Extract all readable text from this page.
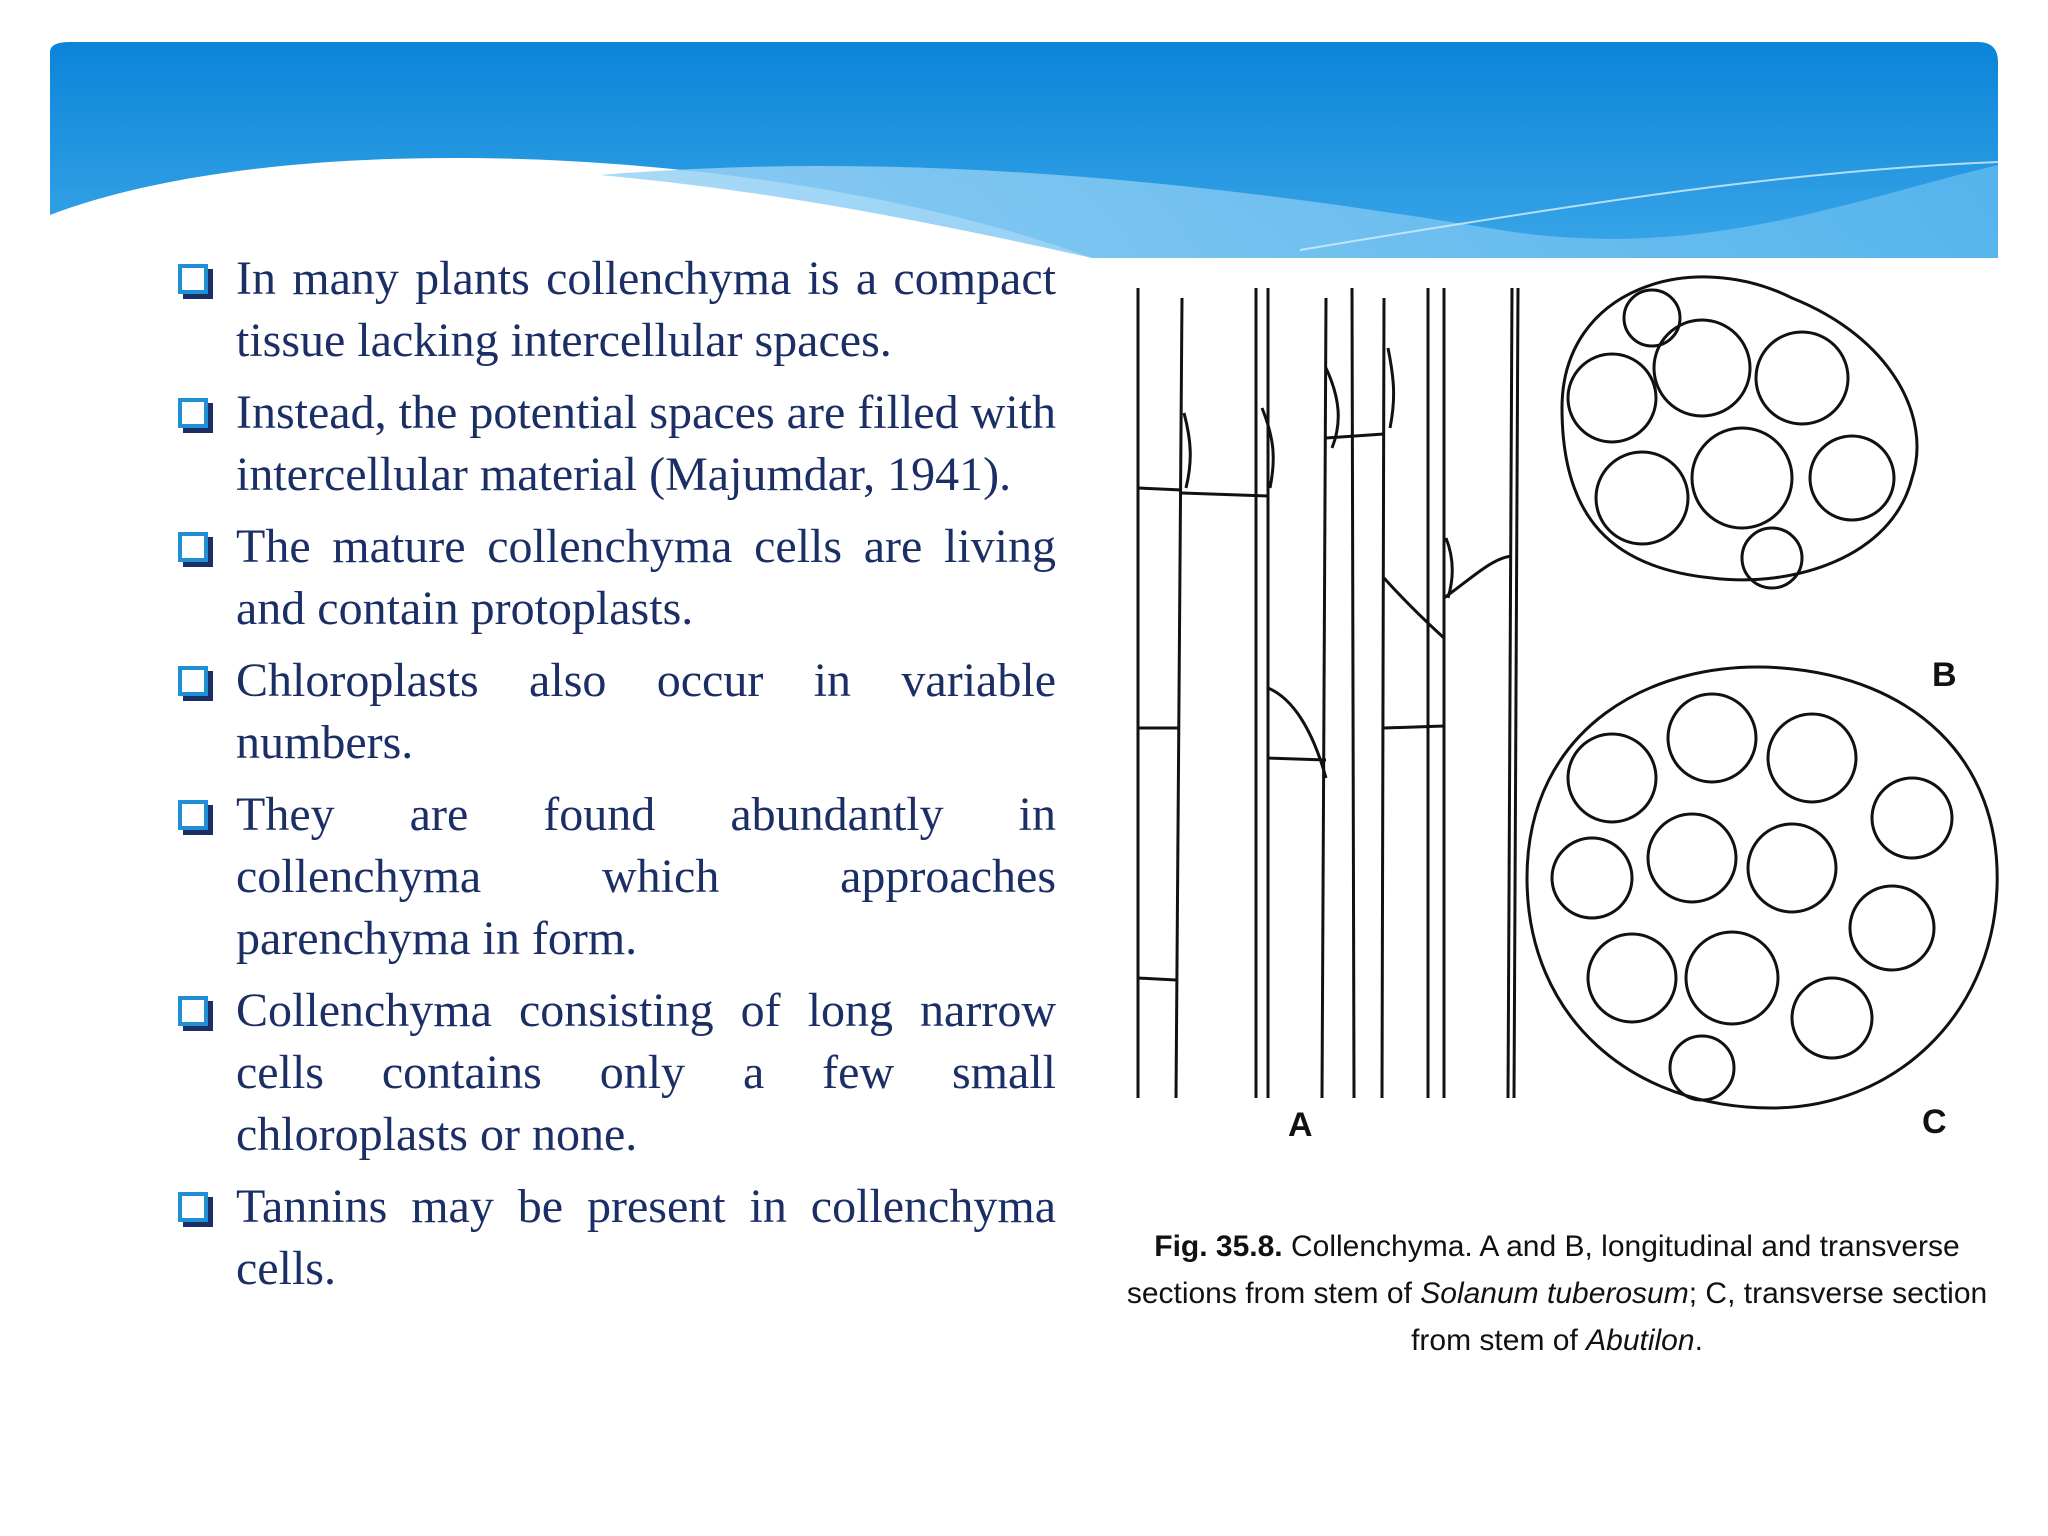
In many plants collenchyma is a compact tissue lacking intercellular spaces.
Instead, the potential spaces are filled with intercellular material (Majumdar, 1941).
The mature collenchyma cells are living and contain protoplasts.
Chloroplasts also occur in variable numbers.
They are found abundantly in collenchyma which approaches parenchyma in form.
Collenchyma consisting of long narrow cells contains only a few small chloroplasts or none.
Tannins may be present in collenchyma cells.
A
B
C
Fig. 35.8. Collenchyma. A and B, longitudinal and transverse sections from stem of Solanum tuberosum; C, transverse section from stem of Abutilon.
